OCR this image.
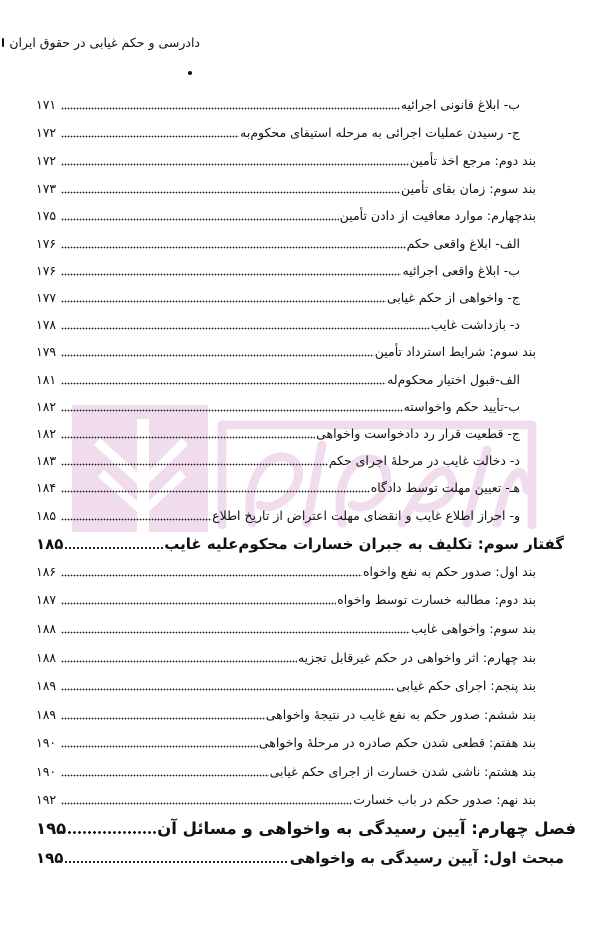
دادرسی و حکم غیابی در حقوق ایران
ب- ابلاغ قانونی اجرائیه
۱۷۱
ج- رسیدن عملیات اجرائی به مرحله استیفای محکوم‌به
۱۷۲
بند دوم: مرجع اخذ تأمین
۱۷۲
بند سوم: زمان بقای تأمین
۱۷۳
بندچهارم: موارد معافیت از دادن تأمین
۱۷۵
الف- ابلاغ واقعی حکم
۱۷۶
ب- ابلاغ واقعی اجرائیه
۱۷۶
ج- واخواهی از حکم غیابی
۱۷۷
د- بازداشت غایب
۱۷۸
بند سوم: شرایط استرداد تأمین
۱۷۹
الف-قبول اختیار محکوم‌له
۱۸۱
ب-تأیید حکم واخواسته
۱۸۲
ج- قطعیت قرار رد دادخواست واخواهی
۱۸۲
د- دخالت غایب در مرحلهٔ اجرای حکم
۱۸۳
هـ- تعیین مهلت توسط دادگاه
۱۸۴
و- احراز اطلاع غایب و انقضای مهلت اعتراض از تاریخ اطلاع
۱۸۵
گفتار سوم: تکلیف به جبران خسارات محکوم‌علیه غایب
۱۸۵
بند اول: صدور حکم به نفع واخواه
۱۸۶
بند دوم: مطالبه خسارت توسط واخواه
۱۸۷
بند سوم: واخواهی غایب
۱۸۸
بند چهارم: اثر واخواهی در حکم غیرقابل تجزیه
۱۸۸
بند پنجم: اجرای حکم غیابی
۱۸۹
بند ششم: صدور حکم به نفع غایب در نتیجهٔ واخواهی
۱۸۹
بند هفتم: قطعی شدن حکم صادره در مرحلهٔ واخواهی
۱۹۰
بند هشتم: ناشی شدن خسارت از اجرای حکم غیابی
۱۹۰
بند نهم: صدور حکم در باب خسارت
۱۹۲
فصل چهارم: آیین رسیدگی به واخواهی و مسائل آن
۱۹۵
مبحث اول: آیین رسیدگی به واخواهی
۱۹۵
